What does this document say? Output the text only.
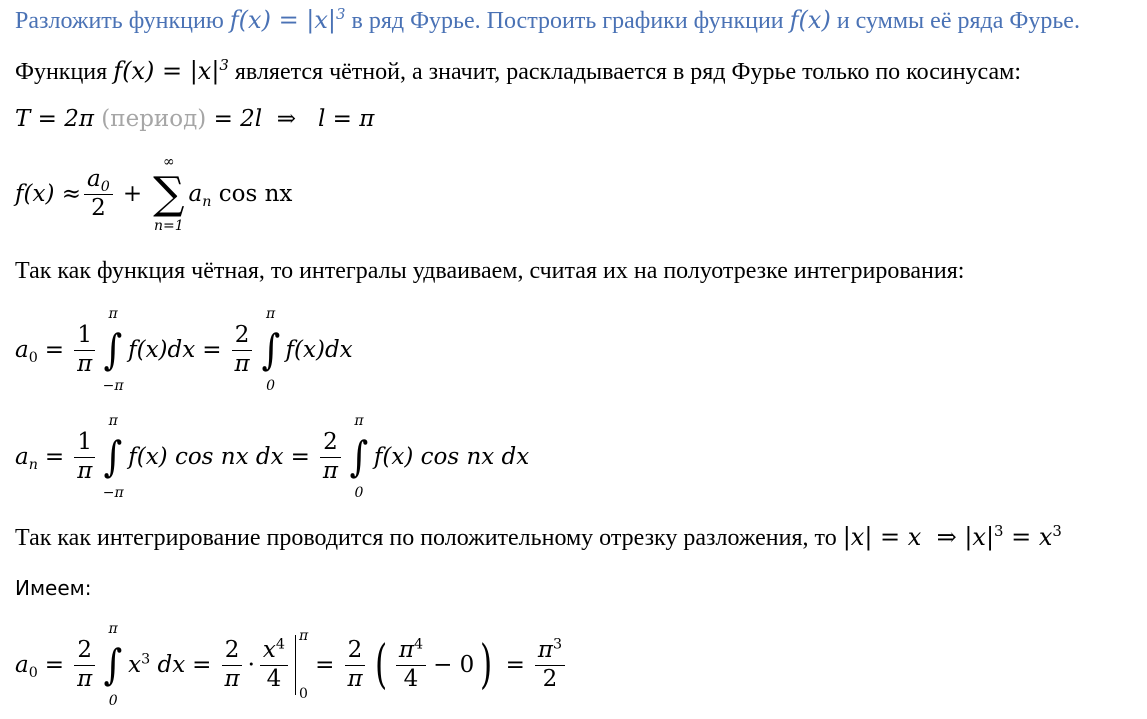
Разложить функцию $f(x) = |x|^3$ в ряд Фурье. Построить графики функции f(x) и суммы её ряда Фурье.
Функция $f(x) = |x|^3$ является чётной, а значит, раскладывается в ряд Фурье только по косинусам:
T = 2π (период) = 2l  ⇒   l = π
$f(x) \approx \frac{a_0}{2}$ +
∞
∑
n=1
$a_n$ cos nx
Так как функция чётная, то интегралы удваиваем, считая их на полуотрезке интегрирования:
$a_0 = \frac{1}{\pi}$
π
∫
−π
$f(x)dx = \frac{2}{\pi}$
π
∫
0
f(x)dx
$a_n = \frac{1}{\pi}$
π
∫
−π
f(x) cos nx dx = $\frac{2}{\pi}$
π
∫
0
f(x) cos nx dx
Так как интегрирование проводится по положительному отрезку разложения, то |x| = x  ⇒ $|x|^3 = x^3$
Имеем:
$a_0 = \frac{2}{\pi}$
π
∫
0
$x^3$ dx = $\frac{2}{\pi} \cdot \frac{x^4}{4}$
π
0
= $\frac{2}{\pi}$ ( $\frac{\pi^4}{4} - 0$ ) = $\frac{\pi^3}{2}$
